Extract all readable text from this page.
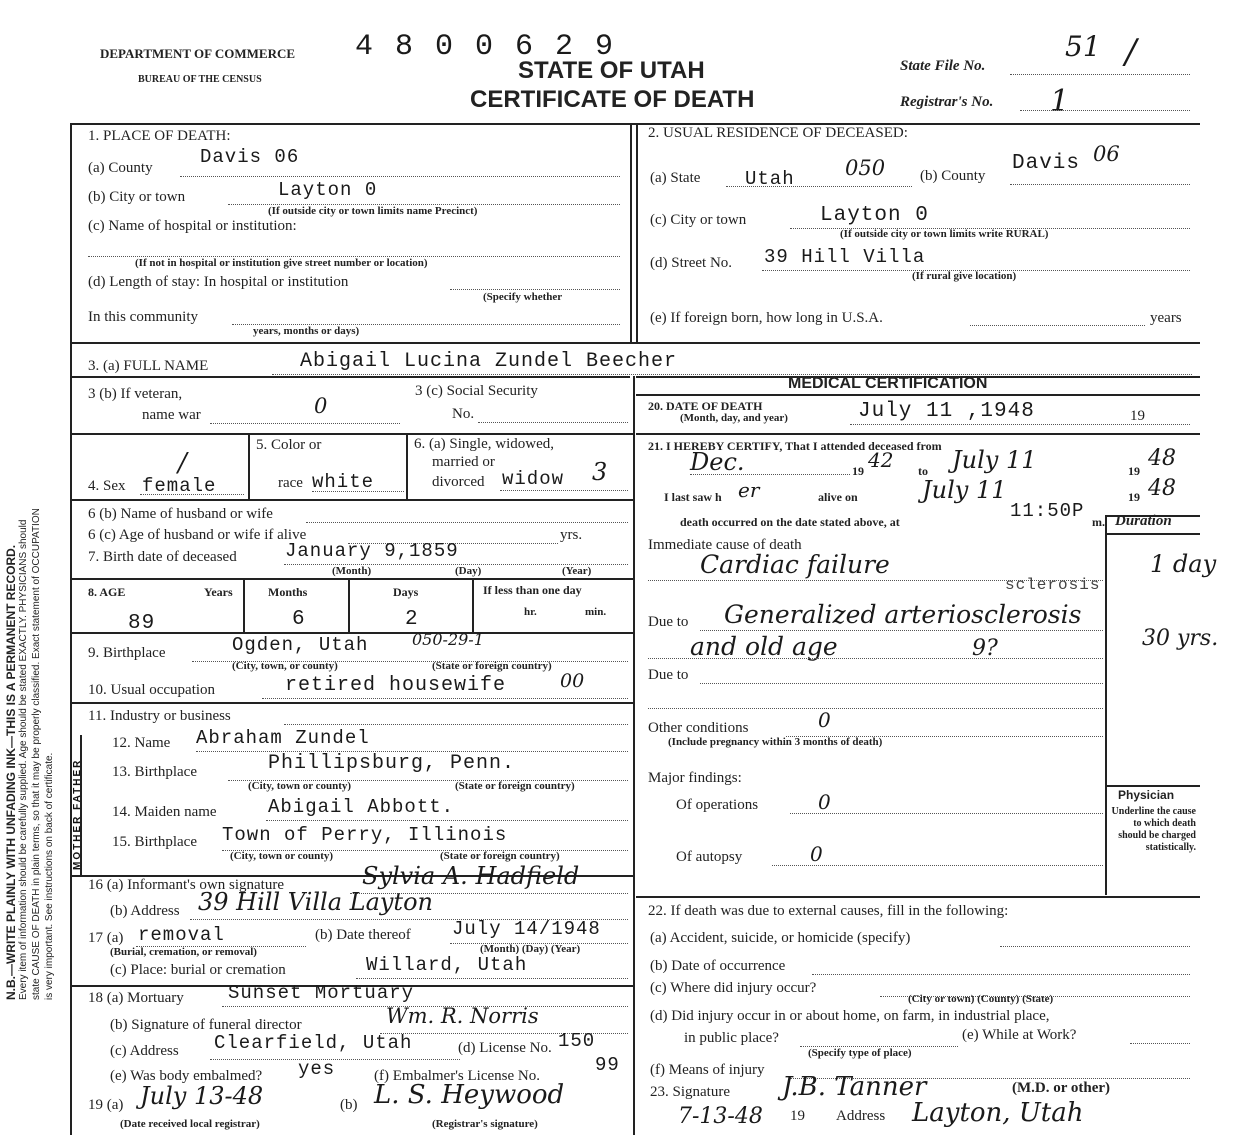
N.B.—WRITE PLAINLY WITH UNFADING INK—THIS IS A PERMANENT RECORD. Every item of information should be carefully supplied. Age should be stated EXACTLY. PHYSICIANS should state CAUSE OF DEATH in plain terms, so that it may be properly classified. Exact statement of OCCUPATION is very important. See instructions on back of certificate.
DEPARTMENT OF COMMERCE
BUREAU OF THE CENSUS
4 8 0 0 6 2 9
STATE OF UTAH
CERTIFICATE OF DEATH
State File No.
51 /
Registrar's No. 1
1. PLACE OF DEATH:
(a) County Davis 06
(b) City or town	Layton 0
(If outside city or town limits name Precinct)
(c) Name of hospital or institution:
(If not in hospital or institution give street number or location)
(d) Length of stay: In hospital or institution
(Specify whether
In this community
years, months or days)
2. USUAL RESIDENCE OF DECEASED:
(a) State Utah 050 (b) County
Davis 06
(c) City or town	Layton 0
(If outside city or town limits write RURAL)
(d) Street No. 39 Hill Villa
(If rural give location)
(e) If foreign born, how long in U.S.A.	years
3. (a) FULL NAME	Abigail Lucina Zundel Beecher
3 (b) If veteran,
name war	0
3 (c) Social Security
No.
MEDICAL CERTIFICATION
20. DATE OF DEATH
(Month, day, and year)	July 11 ,1948	19
4. Sex female
/
5. Color or
race white
6. (a) Single, widowed,
married or
divorced widow 3
6 (b) Name of husband or wife
6 (c) Age of husband or wife if alive	yrs.
7. Birth date of deceased	January 9,1859
(Month)	(Day)	(Year)
8. AGE	Years	Months	Days	If less than one day
hr.	min.
89	6	2
9. Birthplace	Ogden, Utah	050-29-1
(City, town, or county)	(State or foreign country)
10. Usual occupation	retired housewife	00
11. Industry or business
MOTHER FATHER
12. Name Abraham Zundel
13. Birthplace	Phillipsburg, Penn.
(City, town or county)	(State or foreign country)
14. Maiden name	Abigail Abbott.
15. Birthplace Town of Perry, Illinois
(City, town or county)	(State or foreign country)
16 (a) Informant's own signature	Sylvia A. Hadfield
(b) Address 39 Hill Villa Layton
17 (a) removal
(Burial, cremation, or removal)
(b) Date thereof July 14/1948
(Month) (Day) (Year)
(c) Place: burial or cremation	Willard, Utah
18 (a) Mortuary Sunset Mortuary
(b) Signature of funeral director	Wm. R. Norris
(c) Address Clearfield, Utah	(d) License No. 150
(e) Was body embalmed? yes	(f) Embalmer's License No.	99
19 (a) July 13-48	(b) L. S. Heywood
(Date received local registrar)	(Registrar's signature)
21. I HEREBY CERTIFY, That I attended deceased from
Dec.	19 42 to July 11	19 48
I last saw h er	alive on	July 11	19 48
death occurred on the date stated above, at	11:50P m. Duration
Immediate cause of death
Cardiac failure	1 day
sclerosis
Due to Generalized arteriosclerosis
and old age	9?	30 yrs.
Due to
Other conditions	0
(Include pregnancy within 3 months of death)
Major findings:
Of operations	0
Of autopsy	0
Physician
Underline the cause to which death should be charged statistically.
22. If death was due to external causes, fill in the following:
(a) Accident, suicide, or homicide (specify)
(b) Date of occurrence
(c) Where did injury occur?
(City or town) (County) (State)
(d) Did injury occur in or about home, on farm, in industrial place,
in public place?
(Specify type of place)
(e) While at Work?
(f) Means of injury
23. Signature J.B. Tanner	(M.D. or other)
7-13-48 19 Address Layton, Utah
